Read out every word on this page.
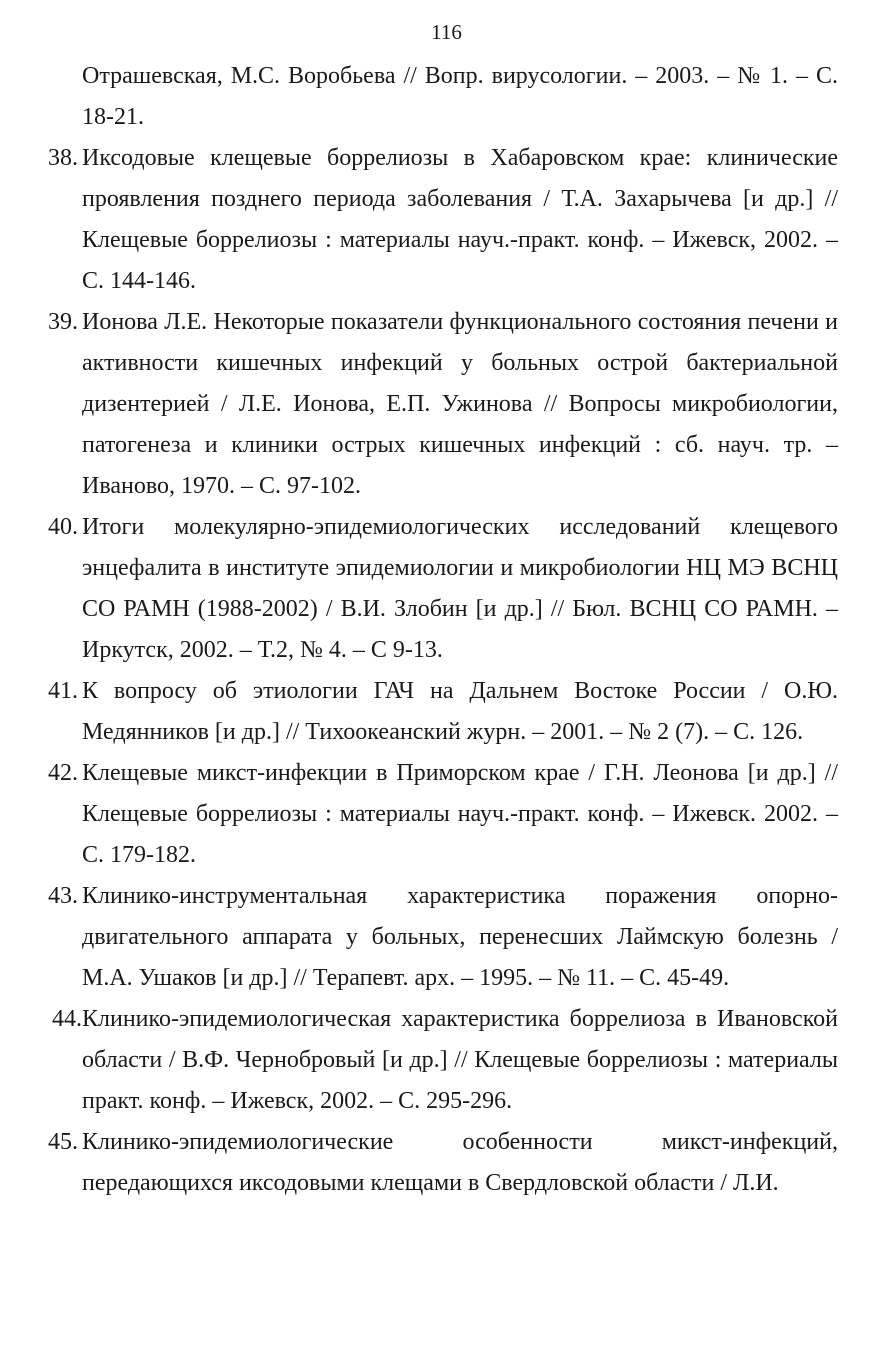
116
Отрашевская, М.С. Воробьева // Вопр. вирусологии. – 2003. – № 1. – С. 18-21.
38. Иксодовые клещевые боррелиозы в Хабаровском крае: клинические проявления позднего периода заболевания / Т.А. Захарычева [и др.] // Клещевые боррелиозы : материалы науч.-практ. конф. – Ижевск, 2002. – С. 144-146.
39. Ионова Л.Е. Некоторые показатели функционального состояния печени и активности кишечных инфекций у больных острой бактериальной дизентерией / Л.Е. Ионова, Е.П. Ужинова // Вопросы микробиологии, патогенеза и клиники острых кишечных инфекций : сб. науч. тр. – Иваново, 1970. – С. 97-102.
40. Итоги молекулярно-эпидемиологических исследований клещевого энцефалита в институте эпидемиологии и микробиологии НЦ МЭ ВСНЦ СО РАМН (1988-2002) / В.И. Злобин [и др.] // Бюл. ВСНЦ СО РАМН. – Иркутск, 2002. – Т.2, № 4. – С 9-13.
41. К вопросу об этиологии ГАЧ на Дальнем Востоке России / О.Ю. Медянников [и др.] // Тихоокеанский журн. – 2001. – № 2 (7). – С. 126.
42. Клещевые микст-инфекции в Приморском крае / Г.Н. Леонова [и др.] // Клещевые боррелиозы : материалы науч.-практ. конф. – Ижевск. 2002. – С. 179-182.
43. Клинико-инструментальная характеристика поражения опорно-двигательного аппарата у больных, перенесших Лаймскую болезнь / М.А. Ушаков [и др.] // Терапевт. арх. – 1995. – № 11. – С. 45-49.
44. Клинико-эпидемиологическая характеристика боррелиоза в Ивановской области / В.Ф. Чернобровый [и др.] // Клещевые боррелиозы : материалы практ. конф. – Ижевск, 2002. – С. 295-296.
45. Клинико-эпидемиологические особенности микст-инфекций, передающихся иксодовыми клещами в Свердловской области / Л.И.
